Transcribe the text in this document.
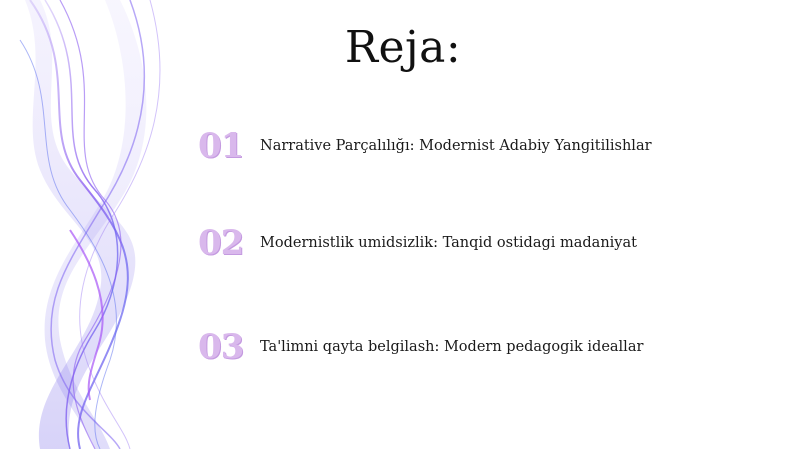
Reja:
01	Narrative Parçalılığı: Modernist Adabiy Yangitilishlar
02	Modernistlik umidsizlik: Tanqid ostidagi madaniyat
03	Ta'limni qayta belgilash: Modern pedagogik ideallar
